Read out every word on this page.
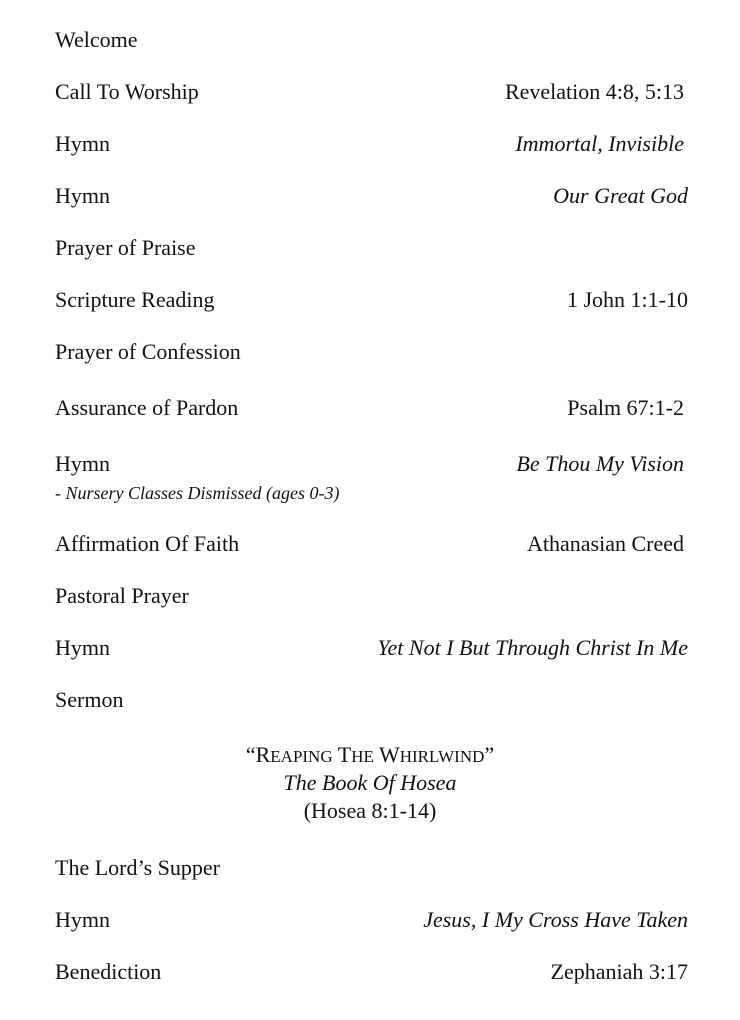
Welcome
Call To Worship	Revelation 4:8, 5:13
Hymn	Immortal, Invisible
Hymn	Our Great God
Prayer of Praise
Scripture Reading	1 John 1:1-10
Prayer of Confession
Assurance of Pardon	Psalm 67:1-2
Hymn	Be Thou My Vision
- Nursery Classes Dismissed (ages 0-3)
Affirmation Of Faith	Athanasian Creed
Pastoral Prayer
Hymn	Yet Not I But Through Christ In Me
Sermon
“REAPING THE WHIRLWIND”
The Book Of Hosea
(Hosea 8:1-14)
The Lord’s Supper
Hymn	Jesus, I My Cross Have Taken
Benediction	Zephaniah 3:17
